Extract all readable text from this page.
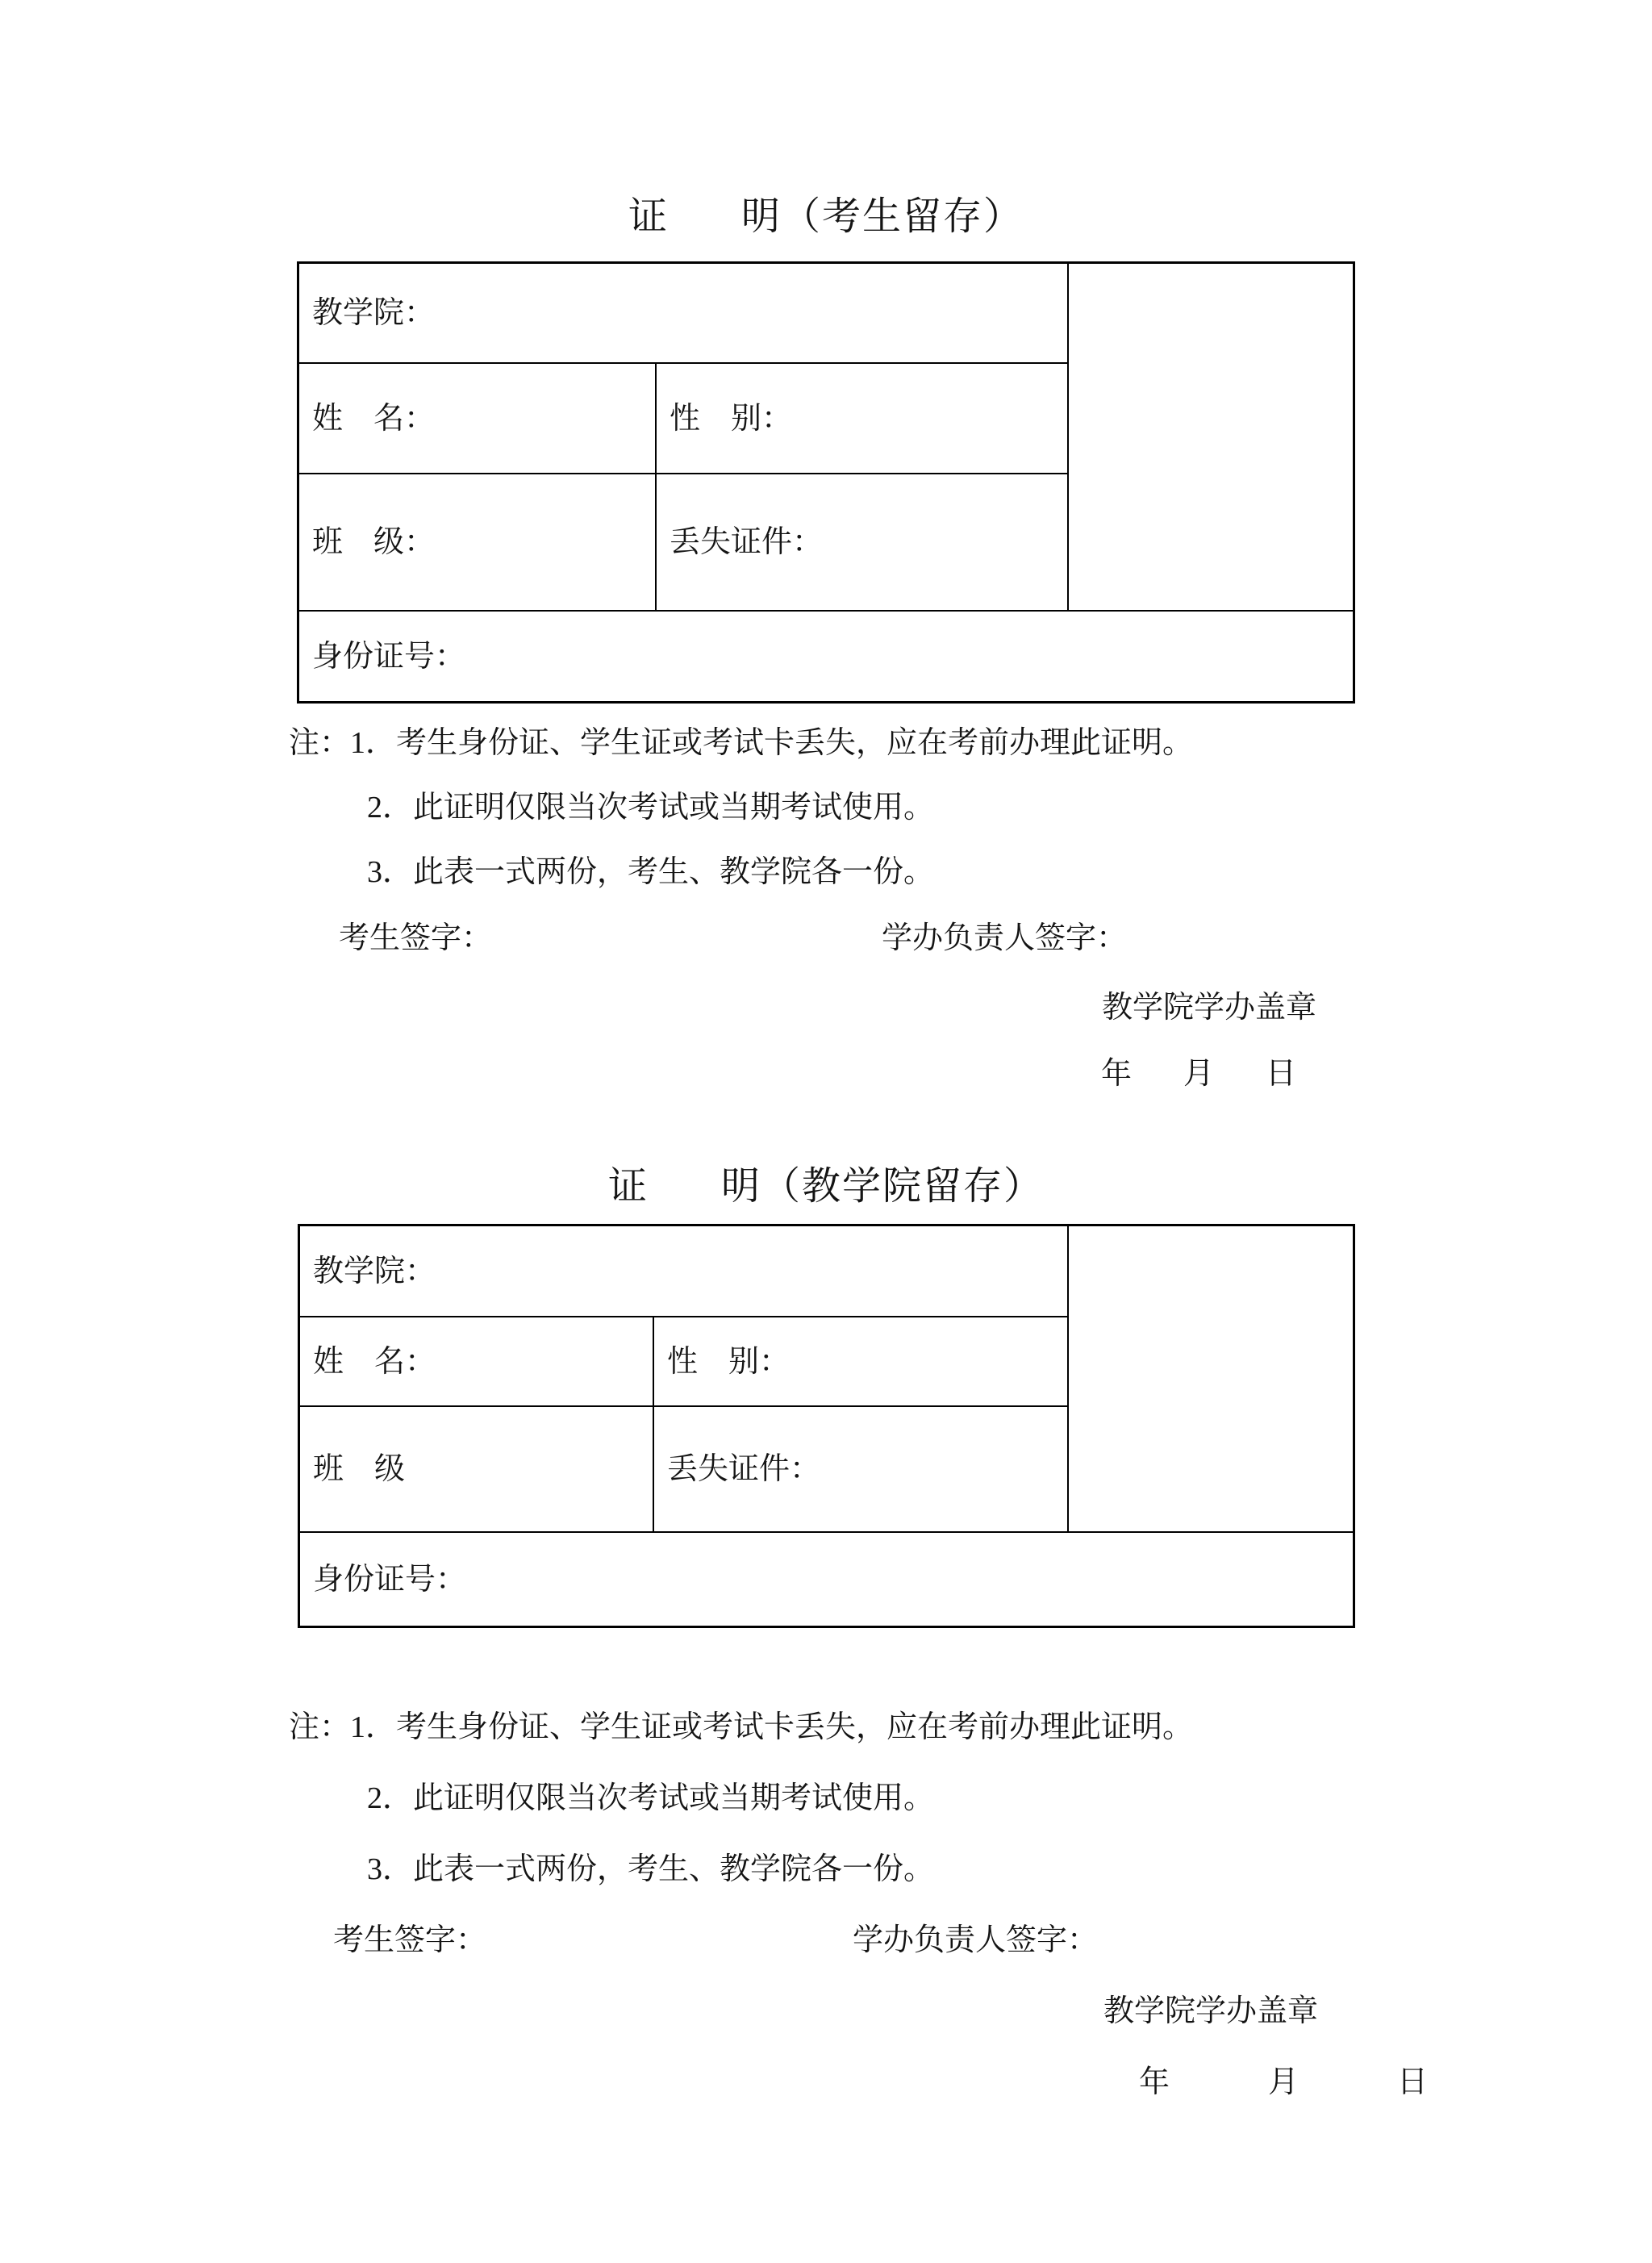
证 明（考生留存）
教学院：
姓　名：	性　别：
班　级：	丢失证件：
身份证号：
注：1．考生身份证、学生证或考试卡丢失，应在考前办理此证明。
2．此证明仅限当次考试或当期考试使用。
3．此表一式两份，考生、教学院各一份。
考生签字：	学办负责人签字：
教学院学办盖章
年 月 日
证 明（教学院留存）
教学院：
姓　名：	性　别：
班　级	丢失证件：
身份证号：
注：1．考生身份证、学生证或考试卡丢失，应在考前办理此证明。
2．此证明仅限当次考试或当期考试使用。
3．此表一式两份，考生、教学院各一份。
考生签字：	学办负责人签字：
教学院学办盖章
年	月	日
